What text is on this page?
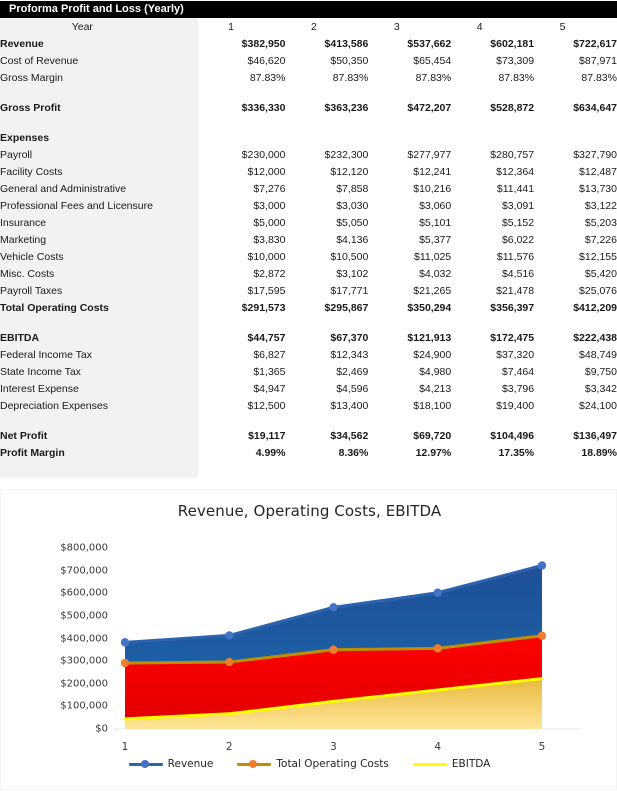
Proforma Profit and Loss (Yearly)
Year	1	2	3	4	5
Revenue	$382,950	$413,586	$537,662	$602,181	$722,617
Cost of Revenue	$46,620	$50,350	$65,454	$73,309	$87,971
Gross Margin	87.83%	87.83%	87.83%	87.83%	87.83%

Gross Profit	$336,330	$363,236	$472,207	$528,872	$634,647

Expenses					
Payroll	$230,000	$232,300	$277,977	$280,757	$327,790
Facility Costs	$12,000	$12,120	$12,241	$12,364	$12,487
General and Administrative	$7,276	$7,858	$10,216	$11,441	$13,730
Professional Fees and Licensure	$3,000	$3,030	$3,060	$3,091	$3,122
Insurance	$5,000	$5,050	$5,101	$5,152	$5,203
Marketing	$3,830	$4,136	$5,377	$6,022	$7,226
Vehicle Costs	$10,000	$10,500	$11,025	$11,576	$12,155
Misc. Costs	$2,872	$3,102	$4,032	$4,516	$5,420
Payroll Taxes	$17,595	$17,771	$21,265	$21,478	$25,076
Total Operating Costs	$291,573	$295,867	$350,294	$356,397	$412,209

EBITDA	$44,757	$67,370	$121,913	$172,475	$222,438
Federal Income Tax	$6,827	$12,343	$24,900	$37,320	$48,749
State Income Tax	$1,365	$2,469	$4,980	$7,464	$9,750
Interest Expense	$4,947	$4,596	$4,213	$3,796	$3,342
Depreciation Expenses	$12,500	$13,400	$18,100	$19,400	$24,100

Net Profit	$19,117	$34,562	$69,720	$104,496	$136,497
Profit Margin	4.99%	8.36%	12.97%	17.35%	18.89%
Revenue, Operating Costs, EBITDA
$0
$100,000
$200,000
$300,000
$400,000
$500,000
$600,000
$700,000
$800,000
1	2	3	4	5
Revenue	Total Operating Costs	EBITDA
